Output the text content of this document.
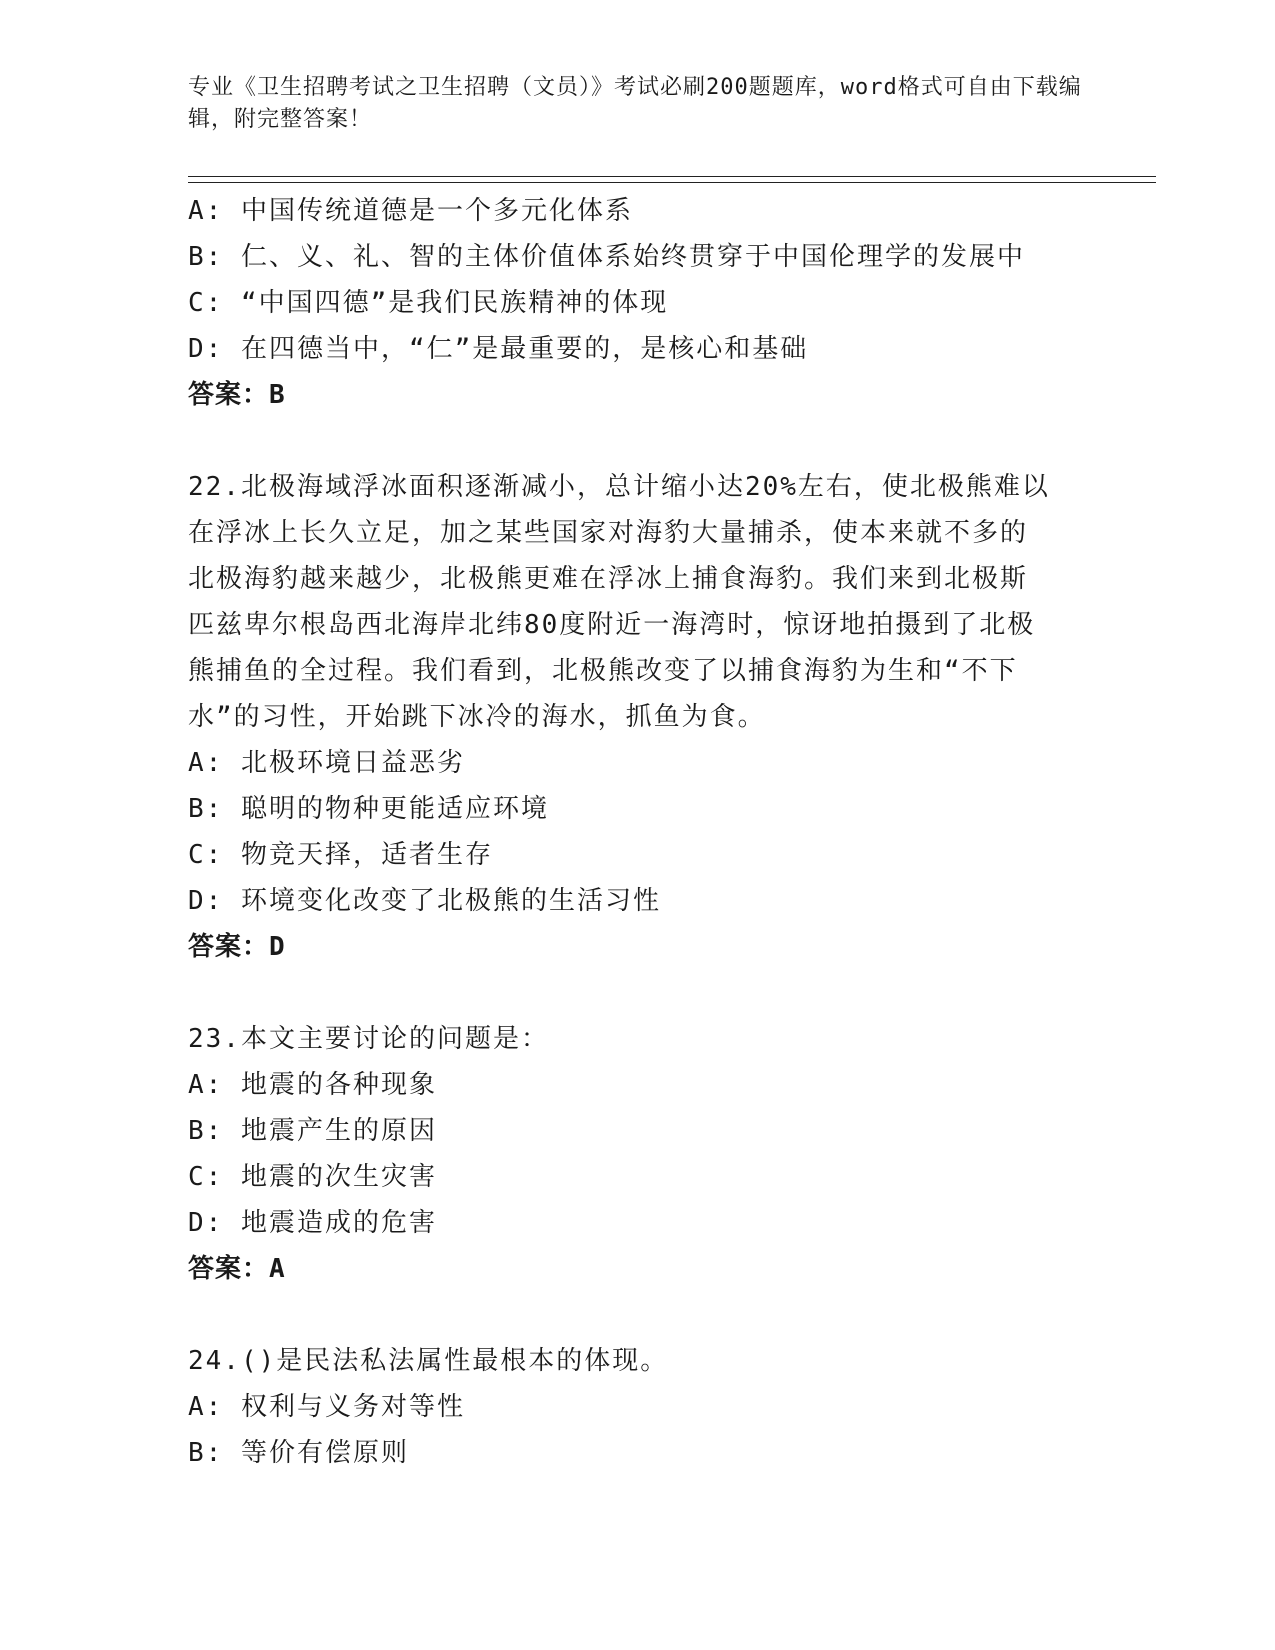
专业《卫生招聘考试之卫生招聘（文员）》考试必刷200题题库，word格式可自由下载编辑，附完整答案！
A: 中国传统道德是一个多元化体系
B: 仁、义、礼、智的主体价值体系始终贯穿于中国伦理学的发展中
C: “中国四德”是我们民族精神的体现
D: 在四德当中，“仁”是最重要的，是核心和基础
答案：B
22.北极海域浮冰面积逐渐减小，总计缩小达20%左右，使北极熊难以
在浮冰上长久立足，加之某些国家对海豹大量捕杀，使本来就不多的
北极海豹越来越少，北极熊更难在浮冰上捕食海豹。我们来到北极斯
匹兹卑尔根岛西北海岸北纬80度附近一海湾时，惊讶地拍摄到了北极
熊捕鱼的全过程。我们看到，北极熊改变了以捕食海豹为生和“不下
水”的习性，开始跳下冰冷的海水，抓鱼为食。
A: 北极环境日益恶劣
B: 聪明的物种更能适应环境
C: 物竞天择，适者生存
D: 环境变化改变了北极熊的生活习性
答案：D
23.本文主要讨论的问题是：
A: 地震的各种现象
B: 地震产生的原因
C: 地震的次生灾害
D: 地震造成的危害
答案：A
24.()是民法私法属性最根本的体现。
A: 权利与义务对等性
B: 等价有偿原则
